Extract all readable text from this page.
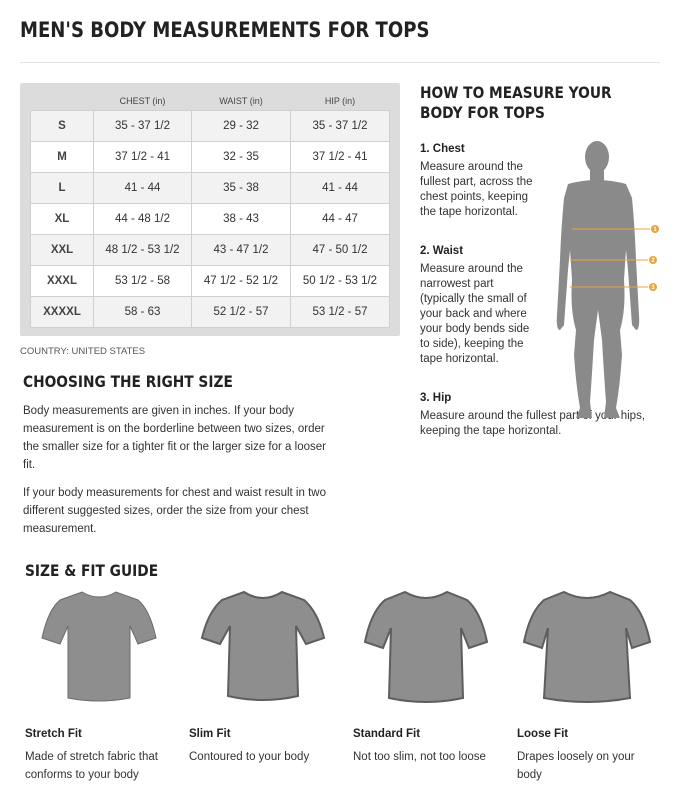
MEN'S BODY MEASUREMENTS FOR TOPS
	CHEST (in)	WAIST (in)	HIP (in)
S	35 - 37 1/2	29 - 32	35 - 37 1/2
M	37 1/2 - 41	32 - 35	37 1/2 - 41
L	41 - 44	35 - 38	41 - 44
XL	44 - 48 1/2	38 - 43	44 - 47
XXL	48 1/2 - 53 1/2	43 - 47 1/2	47 - 50 1/2
XXXL	53 1/2 - 58	47 1/2 - 52 1/2	50 1/2 - 53 1/2
XXXXL	58 - 63	52 1/2 - 57	53 1/2 - 57
COUNTRY: UNITED STATES
CHOOSING THE RIGHT SIZE
Body measurements are given in inches. If your body measurement is on the borderline between two sizes, order the smaller size for a tighter fit or the larger size for a looser fit.
If your body measurements for chest and waist result in two different suggested sizes, order the size from your chest measurement.
HOW TO MEASURE YOUR BODY FOR TOPS
1. Chest
Measure around the fullest part, across the chest points, keeping the tape horizontal.
2. Waist
Measure around the narrowest part (typically the small of your back and where your body bends side to side), keeping the tape horizontal.
3. Hip
Measure around the fullest part of your hips, keeping the tape horizontal.
1
2
3
SIZE & FIT GUIDE
Stretch Fit
Made of stretch fabric that conforms to your body
Slim Fit
Contoured to your body
Standard Fit
Not too slim, not too loose
Loose Fit
Drapes loosely on your body
